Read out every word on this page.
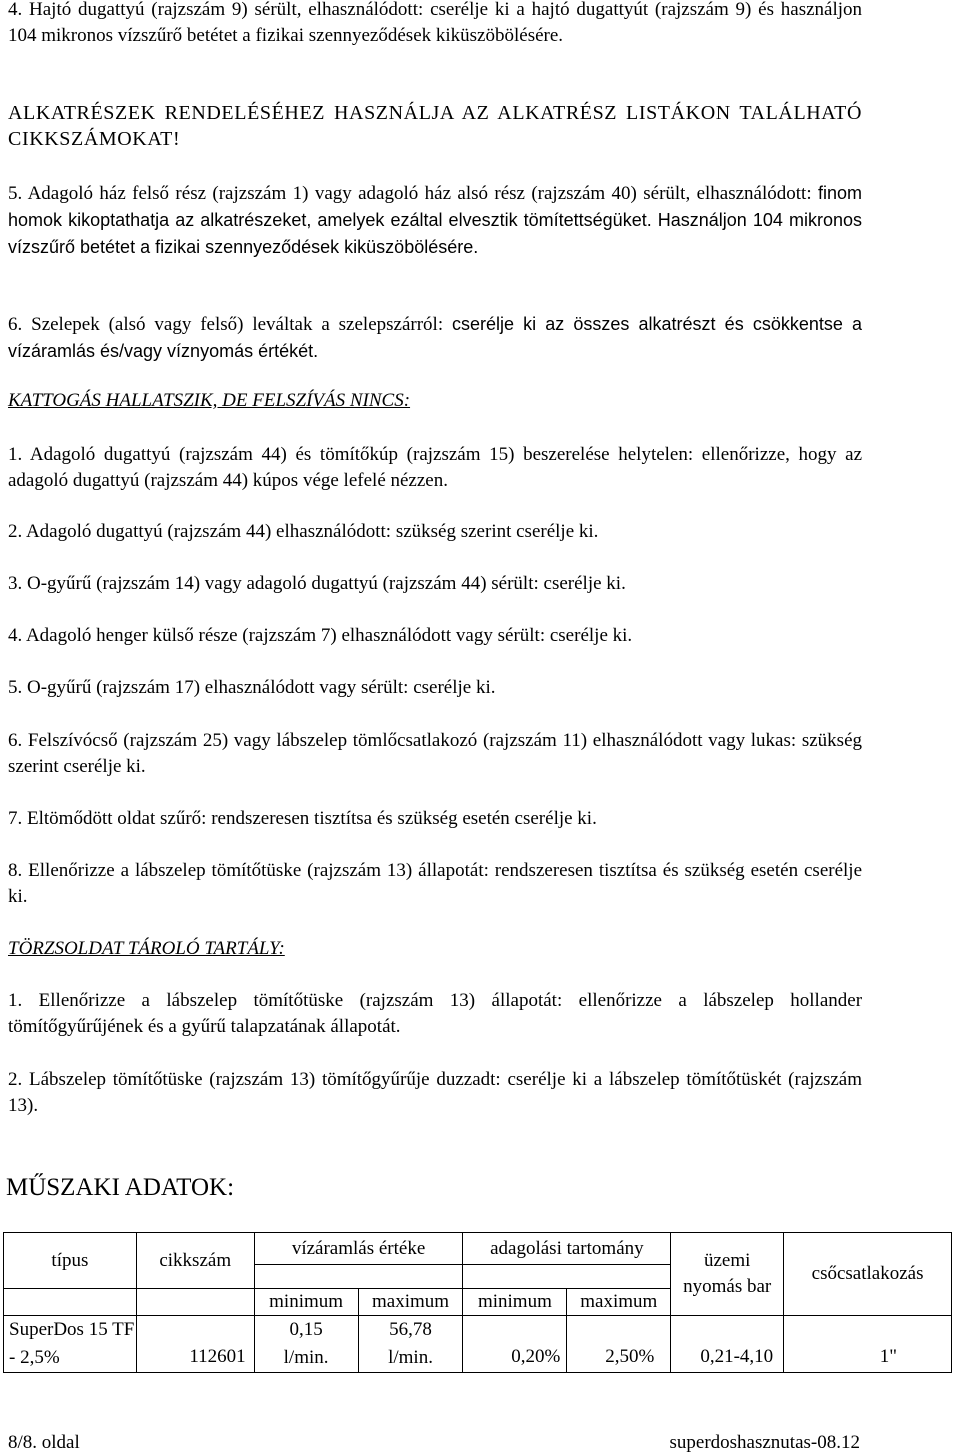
4. Hajtó dugattyú (rajzszám 9) sérült, elhasználódott: cserélje ki a hajtó dugattyút (rajzszám 9) és használjon 104 mikronos vízszűrő betétet a fizikai szennyeződések kiküszöbölésére.

ALKATRÉSZEK RENDELÉSÉHEZ HASZNÁLJA AZ ALKATRÉSZ LISTÁKON TALÁLHATÓ CIKKSZÁMOKAT!

5. Adagoló ház felső rész (rajzszám 1) vagy adagoló ház alsó rész (rajzszám 40) sérült, elhasználódott: finom homok kikoptathatja az alkatrészeket, amelyek ezáltal elvesztik tömítettségüket. Használjon 104 mikronos vízszűrő betétet a fizikai szennyeződések kiküszöbölésére.

6. Szelepek (alsó vagy felső) leváltak a szelepszárról: cserélje ki az összes alkatrészt és csökkentse a vízáramlás és/vagy víznyomás értékét.

KATTOGÁS HALLATSZIK, DE FELSZÍVÁS NINCS:

1. Adagoló dugattyú (rajzszám 44) és tömítőkúp (rajzszám 15) beszerelése helytelen: ellenőrizze, hogy az adagoló dugattyú (rajzszám 44) kúpos vége lefelé nézzen.

2. Adagoló dugattyú (rajzszám 44) elhasználódott: szükség szerint cserélje ki.

3. O-gyűrű (rajzszám 14) vagy adagoló dugattyú (rajzszám 44) sérült: cserélje ki.

4. Adagoló henger külső része (rajzszám 7) elhasználódott vagy sérült: cserélje ki.

5. O-gyűrű (rajzszám 17) elhasználódott vagy sérült: cserélje ki.

6. Felszívócső (rajzszám 25) vagy lábszelep tömlőcsatlakozó (rajzszám 11) elhasználódott vagy lukas: szükség szerint cserélje ki.

7. Eltömődött oldat szűrő: rendszeresen tisztítsa és szükség esetén cserélje ki.

8. Ellenőrizze a lábszelep tömítőtüske (rajzszám 13) állapotát: rendszeresen tisztítsa és szükség esetén cserélje ki.

TÖRZSOLDAT TÁROLÓ TARTÁLY:

1. Ellenőrizze a lábszelep tömítőtüske (rajzszám 13) állapotát: ellenőrizze a lábszelep hollander tömítőgyűrűjének és a gyűrű talapzatának állapotát.

2. Lábszelep tömítőtüske (rajzszám 13) tömítőgyűrűje duzzadt: cserélje ki a lábszelep tömítőtüskét (rajzszám 13).

MŰSZAKI ADATOK:

típus	cikkszám	vízáramlás értéke		adagolási tartomány		üzemi nyomás bar	csőcsatlakozás

		minimum	maximum	minimum	maximum		
SuperDos 15 TF - 2,5%	112601	0,15 l/min.	56,78 l/min.	0,20%	2,50%	0,21-4,10	1"
8/8. oldal	superdoshasznutas-08.12
